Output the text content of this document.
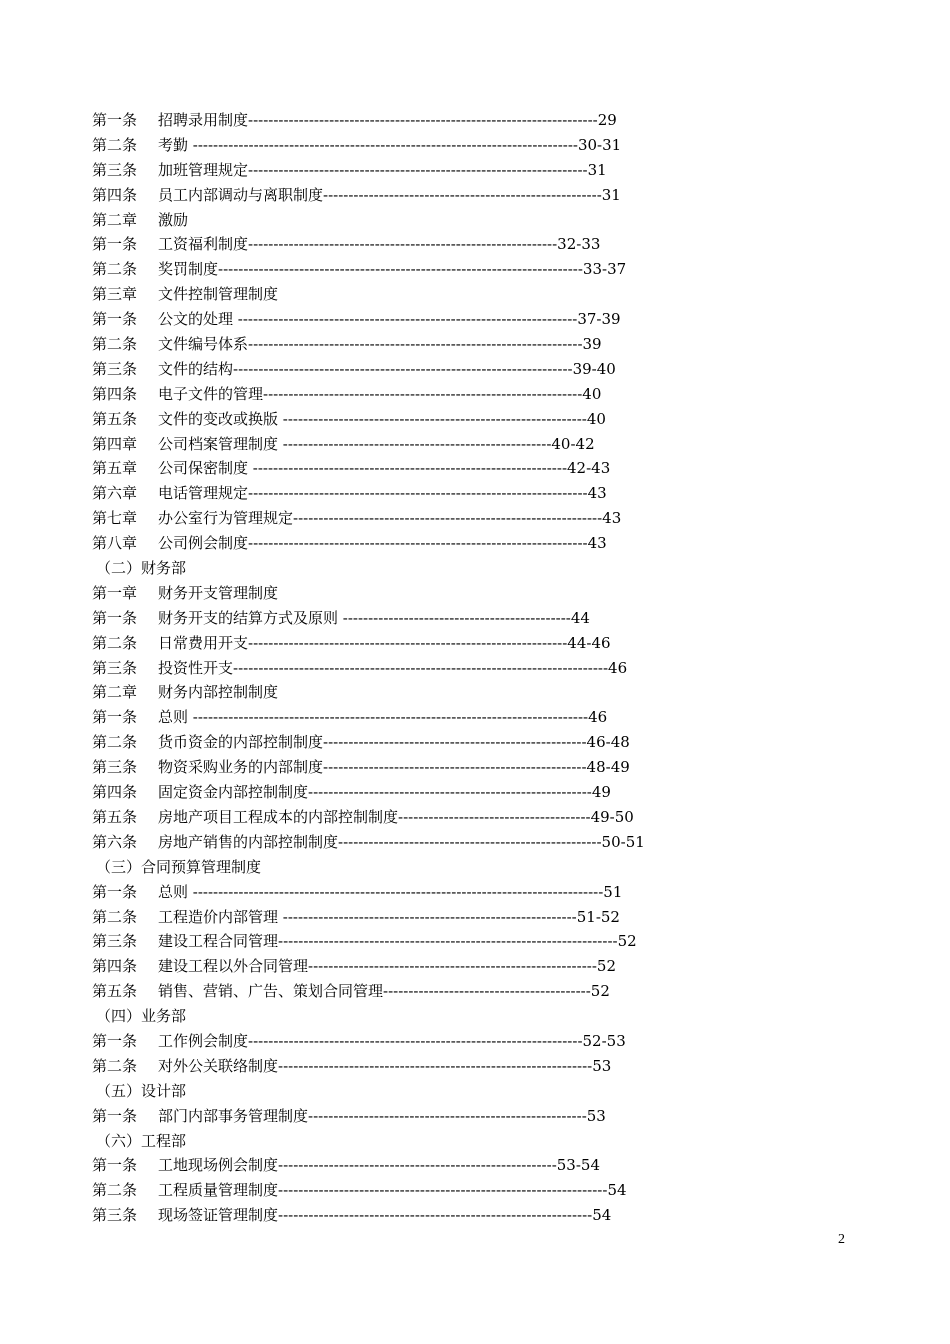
第一条 招聘录用制度---------------------------------------------------------------------29
第二条 考勤 ----------------------------------------------------------------------------30-31
第三条 加班管理规定-------------------------------------------------------------------31
第四条 员工内部调动与离职制度-------------------------------------------------------31
第二章 激励
第一条 工资福利制度-------------------------------------------------------------32-33
第二条 奖罚制度------------------------------------------------------------------------33-37
第三章 文件控制管理制度
第一条 公文的处理 -------------------------------------------------------------------37-39
第二条 文件编号体系------------------------------------------------------------------39
第三条 文件的结构-------------------------------------------------------------------39-40
第四条 电子文件的管理---------------------------------------------------------------40
第五条 文件的变改或换版 ------------------------------------------------------------40
第四章 公司档案管理制度 -----------------------------------------------------40-42
第五章 公司保密制度 --------------------------------------------------------------42-43
第六章 电话管理规定-------------------------------------------------------------------43
第七章 办公室行为管理规定-------------------------------------------------------------43
第八章 公司例会制度-------------------------------------------------------------------43
（二）财务部
第一章 财务开支管理制度
第一条 财务开支的结算方式及原则 ---------------------------------------------44
第二条 日常费用开支---------------------------------------------------------------44-46
第三条 投资性开支--------------------------------------------------------------------------46
第二章 财务内部控制制度
第一条 总则 ------------------------------------------------------------------------------46
第二条 货币资金的内部控制制度----------------------------------------------------46-48
第三条 物资采购业务的内部制度----------------------------------------------------48-49
第四条 固定资金内部控制制度--------------------------------------------------------49
第五条 房地产项目工程成本的内部控制制度--------------------------------------49-50
第六条 房地产销售的内部控制制度----------------------------------------------------50-51
（三）合同预算管理制度
第一条 总则 ---------------------------------------------------------------------------------51
第二条 工程造价内部管理 ----------------------------------------------------------51-52
第三条 建设工程合同管理-------------------------------------------------------------------52
第四条 建设工程以外合同管理---------------------------------------------------------52
第五条 销售、营销、广告、策划合同管理-----------------------------------------52
（四）业务部
第一条 工作例会制度------------------------------------------------------------------52-53
第二条 对外公关联络制度--------------------------------------------------------------53
（五）设计部
第一条 部门内部事务管理制度-------------------------------------------------------53
（六）工程部
第一条 工地现场例会制度-------------------------------------------------------53-54
第二条 工程质量管理制度-----------------------------------------------------------------54
第三条 现场签证管理制度--------------------------------------------------------------54
2
